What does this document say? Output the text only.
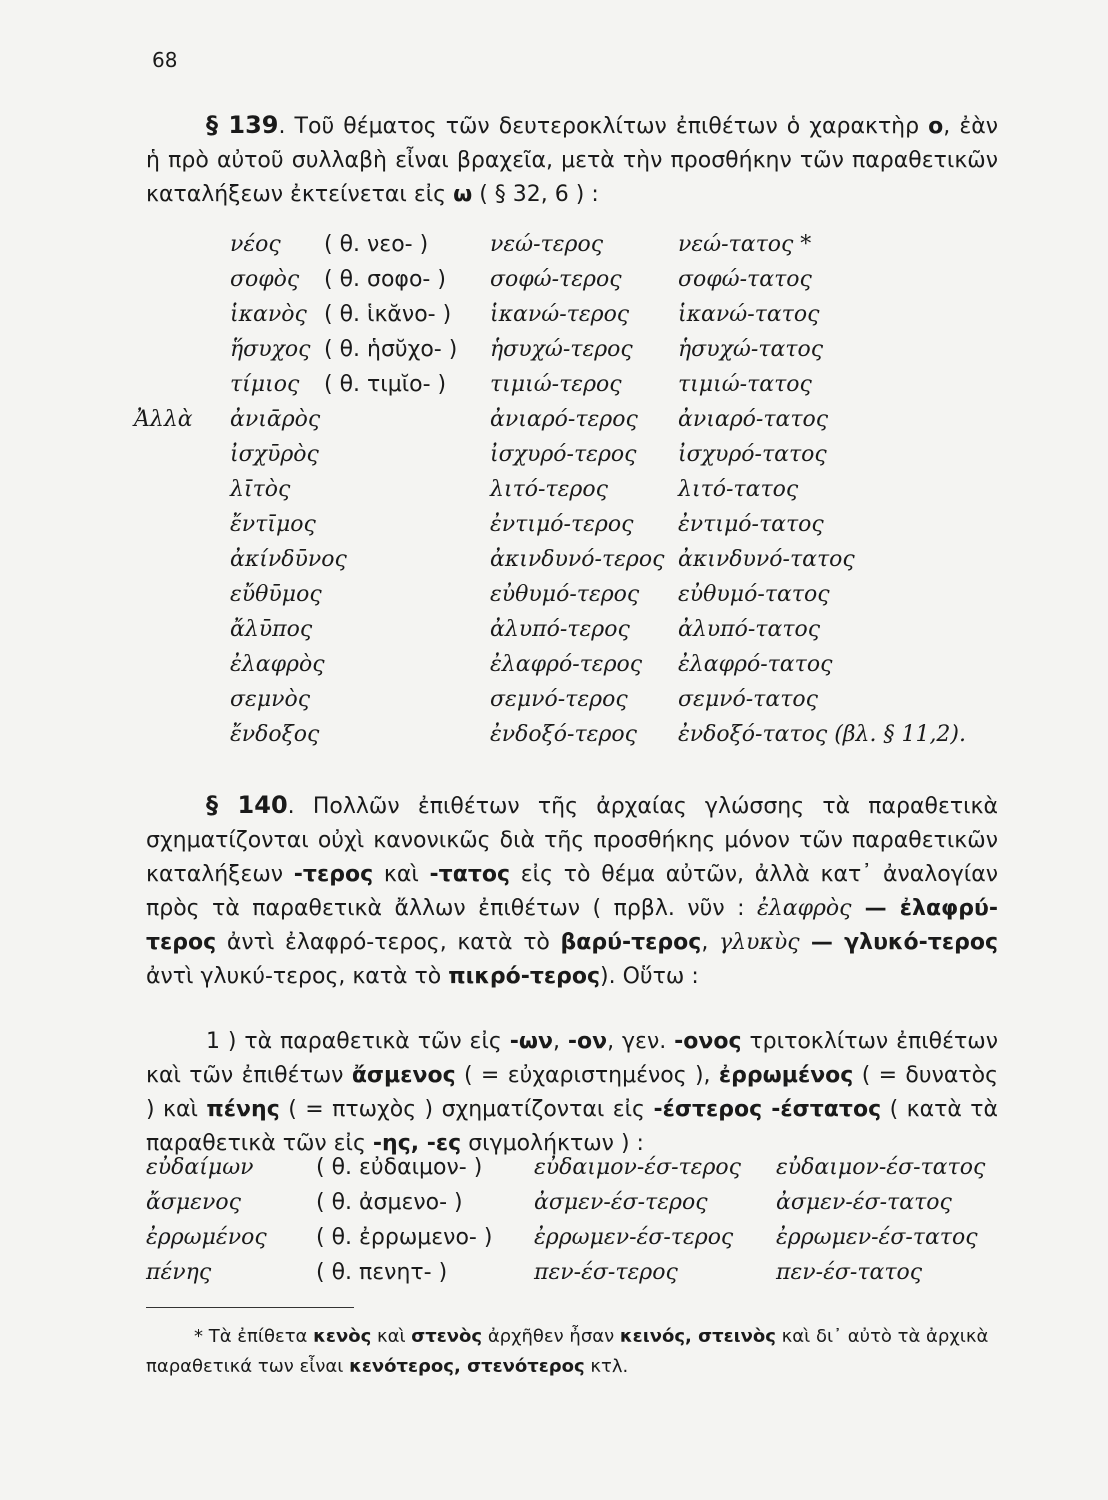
68
§ 139. Τοῦ θέματος τῶν δευτεροκλίτων ἐπιθέτων ὁ χαρακτὴρ ο, ἐὰν ἡ πρὸ αὐτοῦ συλλαβὴ εἶναι βραχεῖα, μετὰ τὴν προσθήκην τῶν παραθετικῶν καταλήξεων ἐκτείνεται εἰς ω ( § 32, 6 ) :
νέος ( θ. νεο- )	νεώ-τερος	νεώ-τατος *
σοφὸς ( θ. σοφο- ) σοφώ-τερος	σοφώ-τατος
ἱκανὸς ( θ. ἱκᾰνο- ) ἱκανώ-τερος ἱκανώ-τατος
ἥσυχος ( θ. ἡσῠχο- ) ἡσυχώ-τερος ἡσυχώ-τατος
τίμιος ( θ. τιμῐο- ) τιμιώ-τερος	τιμιώ-τατος
Ἀλλὰ ἀνιᾱρὸς	ἀνιαρό-τερος ἀνιαρό-τατος
ἰσχῡρὸς	ἰσχυρό-τερος ἰσχυρό-τατος
λῑτὸς	λιτό-τερος	λιτό-τατος
ἔντῑμος	ἐντιμό-τερος ἐντιμό-τατος
ἀκίνδῡνος	ἀκινδυνό-τερος ἀκινδυνό-τατος
εὔθῡμος	εὐθυμό-τερος εὐθυμό-τατος
ἄλῡπος	ἀλυπό-τερος ἀλυπό-τατος
ἐλαφρὸς	ἐλαφρό-τερος ἐλαφρό-τατος
σεμνὸς	σεμνό-τερος σεμνό-τατος
ἔνδοξος	ἐνδοξό-τερος ἐνδοξό-τατος (βλ. § 11,2).
§ 140. Πολλῶν ἐπιθέτων τῆς ἀρχαίας γλώσσης τὰ παραθετικὰ σχηματίζονται οὐχὶ κανονικῶς διὰ τῆς προσθήκης μόνον τῶν παραθετικῶν καταλήξεων -τερος καὶ -τατος εἰς τὸ θέμα αὐτῶν, ἀλλὰ κατ᾽ ἀναλογίαν πρὸς τὰ παραθετικὰ ἄλλων ἐπιθέτων ( πρβλ. νῦν : ἐλαφρὸς — ἐλαφρύ-τερος ἀντὶ ἐλαφρό-τερος, κατὰ τὸ βαρύ-τερος, γλυκὺς — γλυκό-τερος ἀντὶ γλυκύ-τερος, κατὰ τὸ πικρό-τερος). Οὕτω :
1 ) τὰ παραθετικὰ τῶν εἰς -ων, -ον, γεν. -ονος τριτοκλίτων ἐπιθέτων καὶ τῶν ἐπιθέτων ἄσμενος ( = εὐχαριστημένος ), ἐρρωμένος ( = δυνατὸς ) καὶ πένης ( = πτωχὸς ) σχηματίζονται εἰς -έστερος -έστατος ( κατὰ τὰ παραθετικὰ τῶν εἰς -ης, -ες σιγμολήκτων ) :
εὐδαίμων	( θ. εὐδαιμον- ) εὐδαιμον-έσ-τερος εὐδαιμον-έσ-τατος
ἄσμενος	( θ. ἀσμενο- )	ἀσμεν-έσ-τερος	ἀσμεν-έσ-τατος
ἐρρωμένος ( θ. ἐρρωμενο- ) ἐρρωμεν-έσ-τερος ἐρρωμεν-έσ-τατος
πένης	( θ. πενητ- )	πεν-έσ-τερος	πεν-έσ-τατος
* Τὰ ἐπίθετα κενὸς καὶ στενὸς ἀρχῆθεν ἦσαν κεινός, στεινὸς καὶ δι᾽ αὐτὸ τὰ ἀρχικὰ παραθετικά των εἶναι κενότερος, στενότερος κτλ.
